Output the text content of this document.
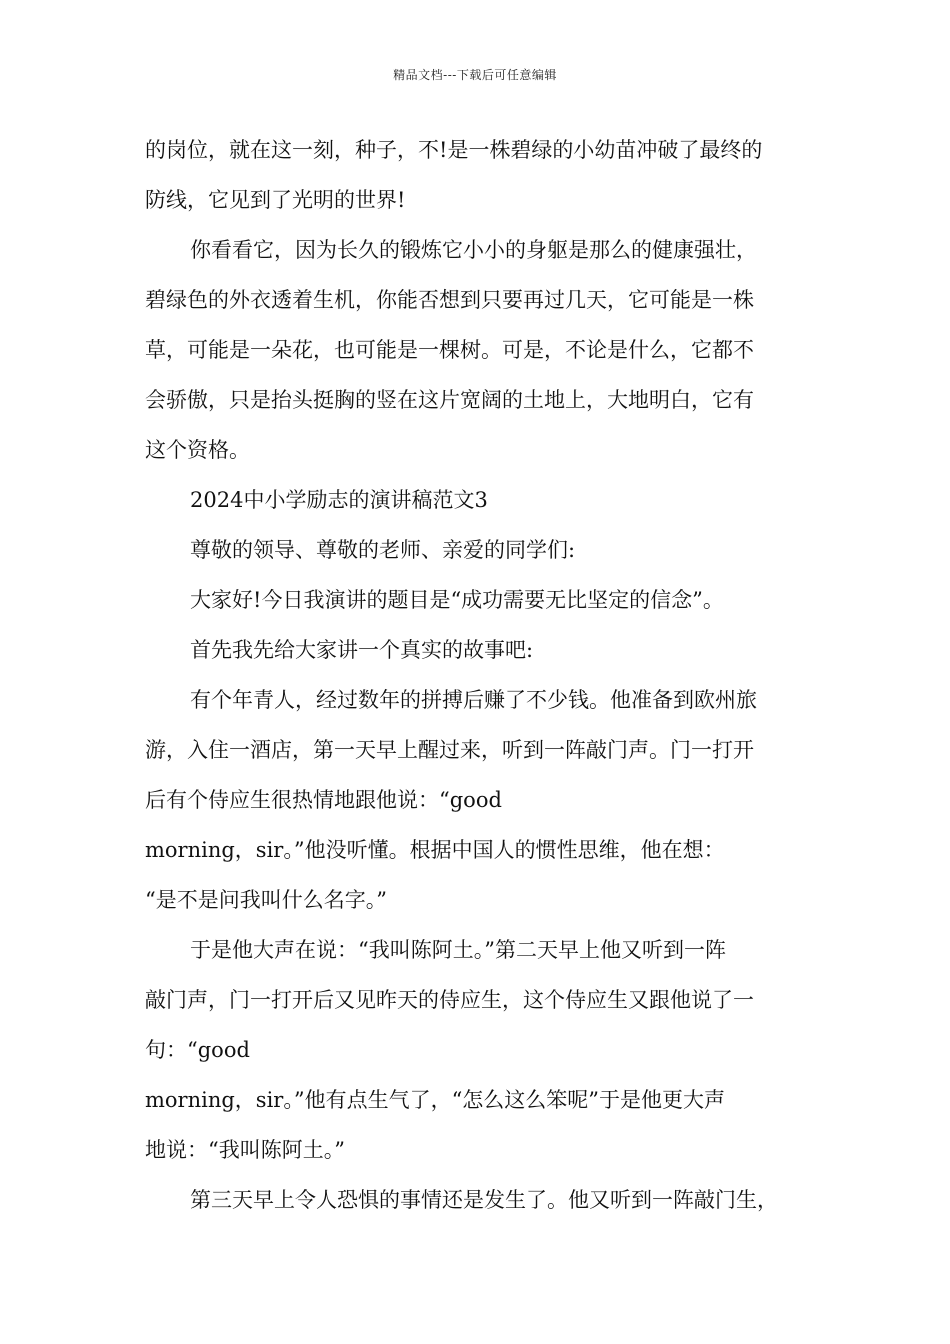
精品文档---下载后可任意编辑
的岗位，就在这一刻，种子，不!是一株碧绿的小幼苗冲破了最终的
防线，它见到了光明的世界!
你看看它，因为长久的锻炼它小小的身躯是那么的健康强壮，
碧绿色的外衣透着生机，你能否想到只要再过几天，它可能是一株
草，可能是一朵花，也可能是一棵树。可是，不论是什么，它都不
会骄傲，只是抬头挺胸的竖在这片宽阔的土地上，大地明白，它有
这个资格。
2024中小学励志的演讲稿范文3
尊敬的领导、尊敬的老师、亲爱的同学们:
大家好!今日我演讲的题目是“成功需要无比坚定的信念”。
首先我先给大家讲一个真实的故事吧:
有个年青人，经过数年的拼搏后赚了不少钱。他准备到欧州旅
游，入住一酒店，第一天早上醒过来，听到一阵敲门声。门一打开
后有个侍应生很热情地跟他说：“good
morning，sir。”他没听懂。根据中国人的惯性思维，他在想：
“是不是问我叫什么名字。”
于是他大声在说：“我叫陈阿土。”第二天早上他又听到一阵
敲门声，门一打开后又见昨天的侍应生，这个侍应生又跟他说了一
句：“good
morning，sir。”他有点生气了，“怎么这么笨呢”于是他更大声
地说：“我叫陈阿土。”
第三天早上令人恐惧的事情还是发生了。他又听到一阵敲门生，
